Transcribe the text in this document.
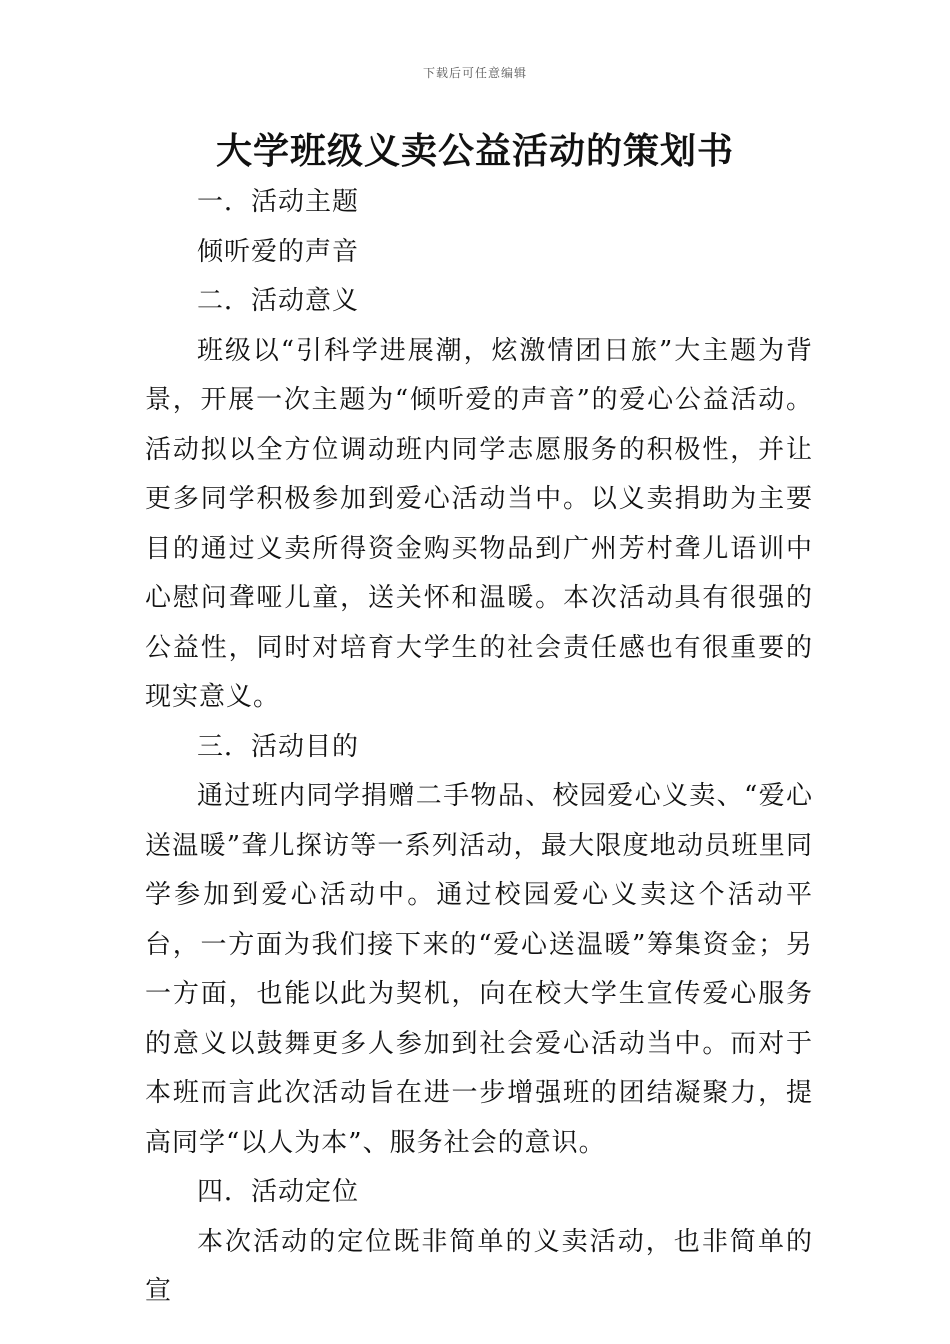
下载后可任意编辑
大学班级义卖公益活动的策划书

一．活动主题

倾听爱的声音

二．活动意义

班级以“引科学进展潮，炫激情团日旅”大主题为背景，开展一次主题为“倾听爱的声音”的爱心公益活动。活动拟以全方位调动班内同学志愿服务的积极性，并让更多同学积极参加到爱心活动当中。以义卖捐助为主要目的通过义卖所得资金购买物品到广州芳村聋儿语训中心慰问聋哑儿童，送关怀和温暖。本次活动具有很强的公益性，同时对培育大学生的社会责任感也有很重要的现实意义。

三．活动目的

通过班内同学捐赠二手物品、校园爱心义卖、“爱心送温暖”聋儿探访等一系列活动，最大限度地动员班里同学参加到爱心活动中。通过校园爱心义卖这个活动平台，一方面为我们接下来的“爱心送温暖”筹集资金；另一方面，也能以此为契机，向在校大学生宣传爱心服务的意义以鼓舞更多人参加到社会爱心活动当中。而对于本班而言此次活动旨在进一步增强班的团结凝聚力，提高同学“以人为本”、服务社会的意识。

四．活动定位

本次活动的定位既非简单的义卖活动，也非简单的宣
